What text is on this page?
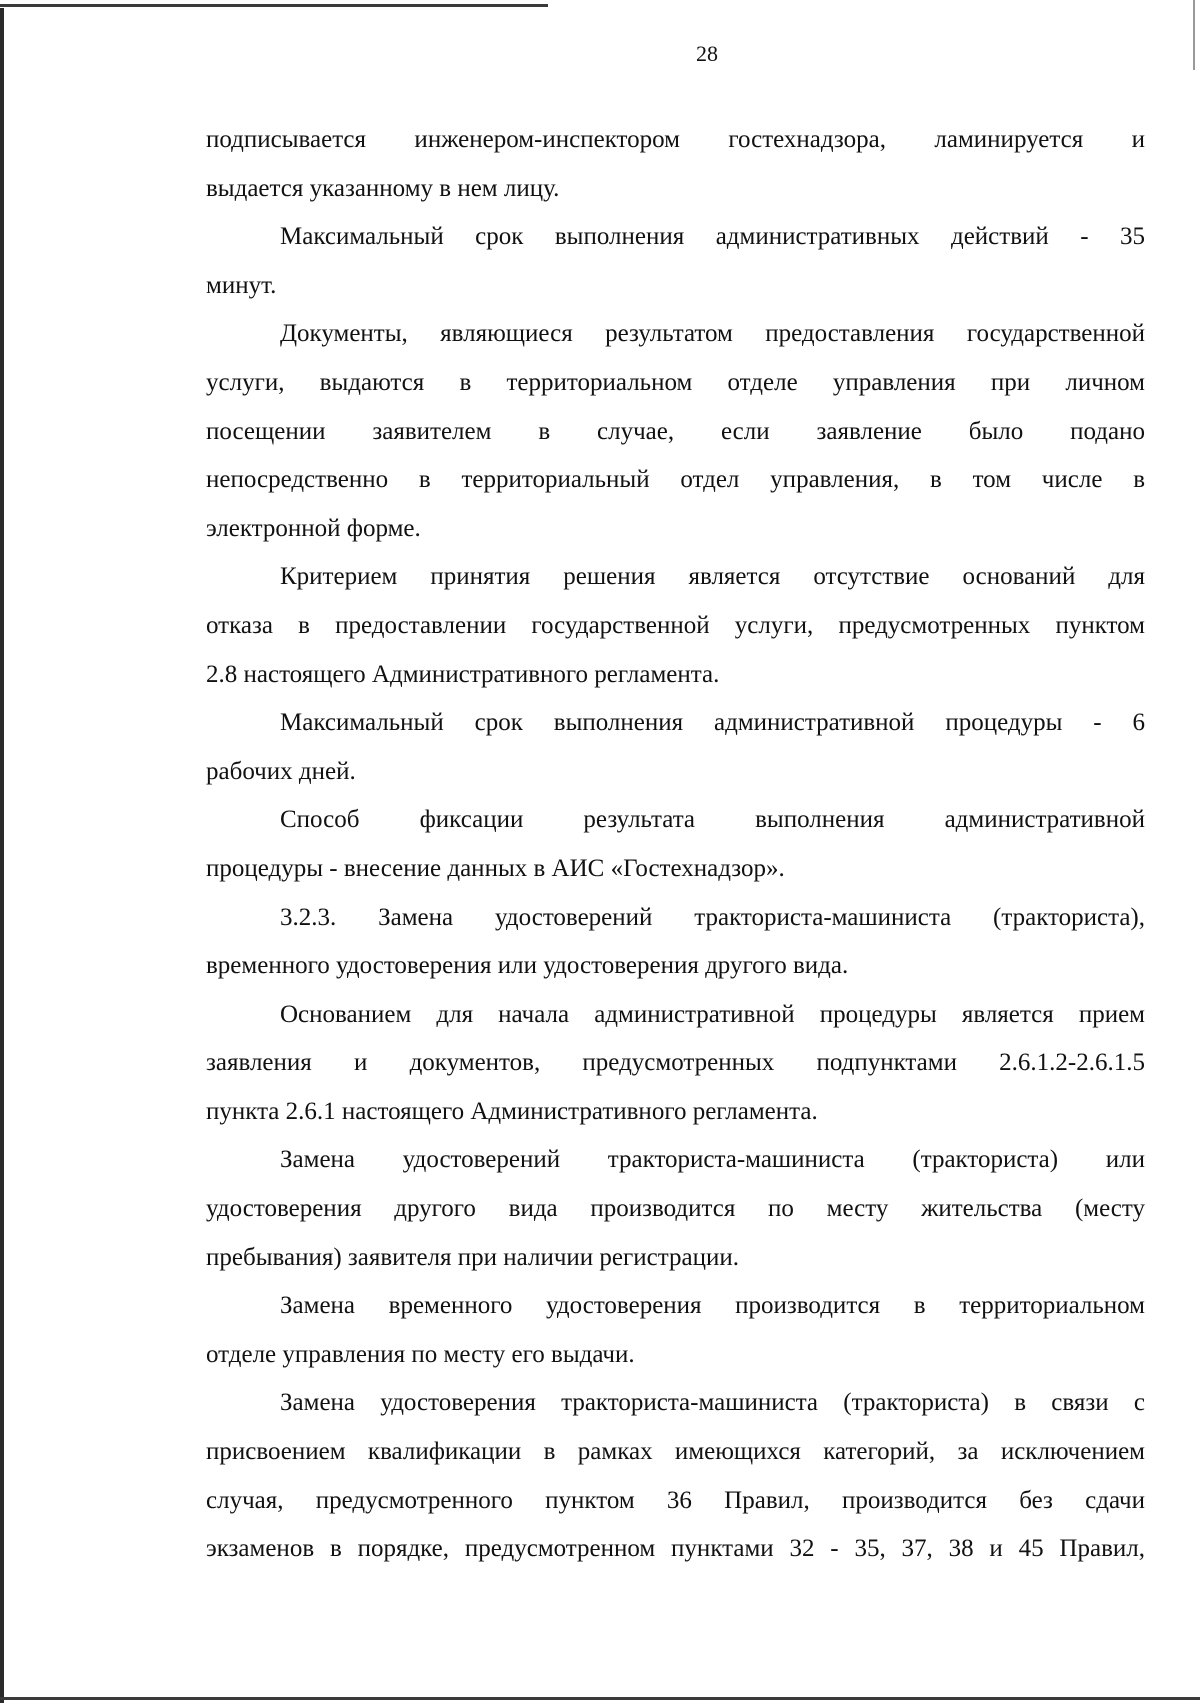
28
подписывается инженером-инспектором гостехнадзора, ламинируется и
выдается указанному в нем лицу.
Максимальный срок выполнения административных действий - 35
минут.
Документы, являющиеся результатом предоставления государственной
услуги, выдаются в территориальном отделе управления при личном
посещении заявителем в случае, если заявление было подано
непосредственно в территориальный отдел управления, в том числе в
электронной форме.
Критерием принятия решения является отсутствие оснований для
отказа в предоставлении государственной услуги, предусмотренных пунктом
2.8 настоящего Административного регламента.
Максимальный срок выполнения административной процедуры - 6
рабочих дней.
Способ фиксации результата выполнения административной
процедуры - внесение данных в АИС «Гостехнадзор».
3.2.3. Замена удостоверений тракториста-машиниста (тракториста),
временного удостоверения или удостоверения другого вида.
Основанием для начала административной процедуры является прием
заявления и документов, предусмотренных подпунктами 2.6.1.2-2.6.1.5
пункта 2.6.1 настоящего Административного регламента.
Замена удостоверений тракториста-машиниста (тракториста) или
удостоверения другого вида производится по месту жительства (месту
пребывания) заявителя при наличии регистрации.
Замена временного удостоверения производится в территориальном
отделе управления по месту его выдачи.
Замена удостоверения тракториста-машиниста (тракториста) в связи с
присвоением квалификации в рамках имеющихся категорий, за исключением
случая, предусмотренного пунктом 36 Правил, производится без сдачи
экзаменов в порядке, предусмотренном пунктами 32 - 35, 37, 38 и 45 Правил,
